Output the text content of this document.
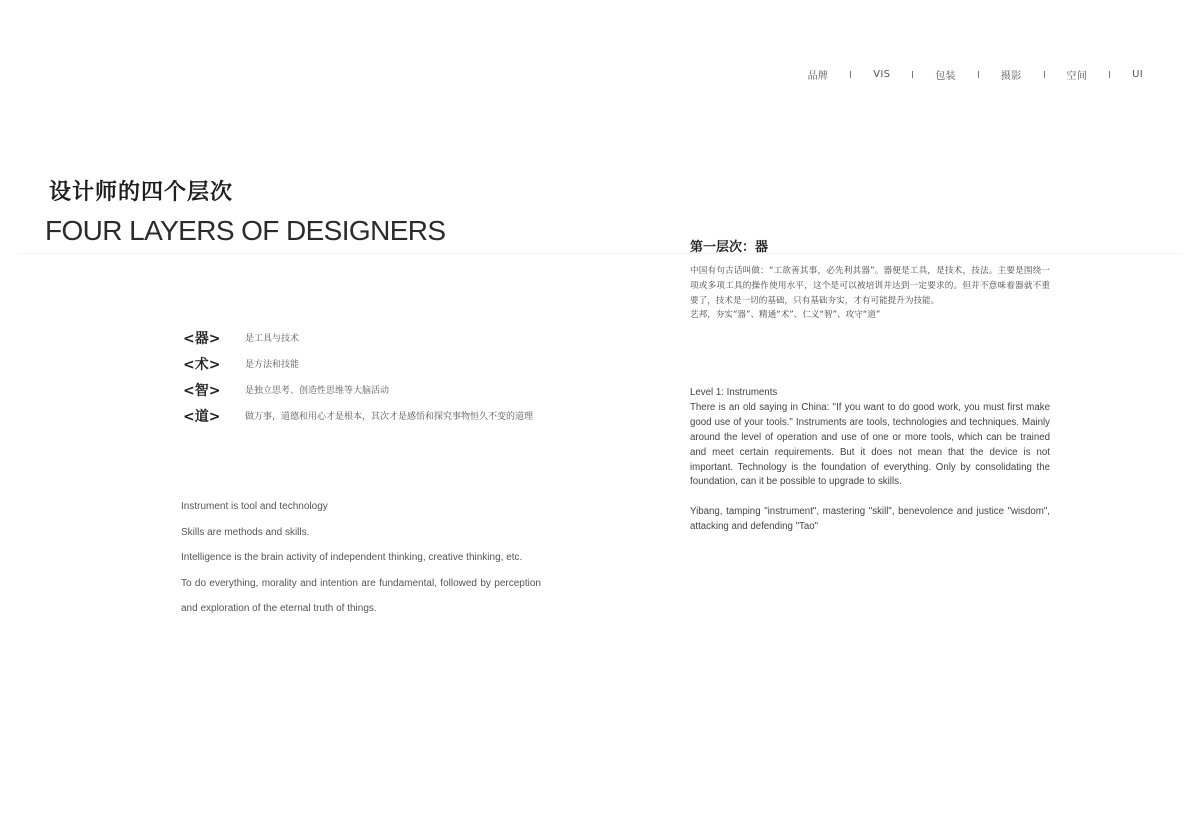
品牌	VIS	包装	摄影	空间	UI
设计师的四个层次
FOUR LAYERS OF DESIGNERS
<器>	是工具与技术
<术>	是方法和技能
<智>	是独立思考、创造性思维等大脑活动
<道>	做万事，道德和用心才是根本，其次才是感悟和探究事物恒久不变的道理

Instrument is tool and technology

Skills are methods and skills.

Intelligence is the brain activity of independent thinking, creative thinking, etc.

To do everything, morality and intention are fundamental, followed by perception and exploration of the eternal truth of things.

第一层次：器

中国有句古话叫做：“工欲善其事，必先利其器”。器便是工具，是技术，技法。主要是围绕一项或多项工具的操作使用水平，这个是可以被培训并达到一定要求的。但并不意味着器就不重要了，技术是一切的基础，只有基础夯实，才有可能提升为技能。

艺邦，夯实“器”、精通“术”、仁义“智”、攻守“道”

Level 1: Instruments

There is an old saying in China: "If you want to do good work, you must first make good use of your tools." Instruments are tools, technologies and techniques. Mainly around the level of operation and use of one or more tools, which can be trained and meet certain requirements. But it does not mean that the device is not important. Technology is the foundation of everything. Only by consolidating the foundation, can it be possible to upgrade to skills.

Yibang, tamping "instrument", mastering "skill", benevolence and justice "wisdom", attacking and defending "Tao"
